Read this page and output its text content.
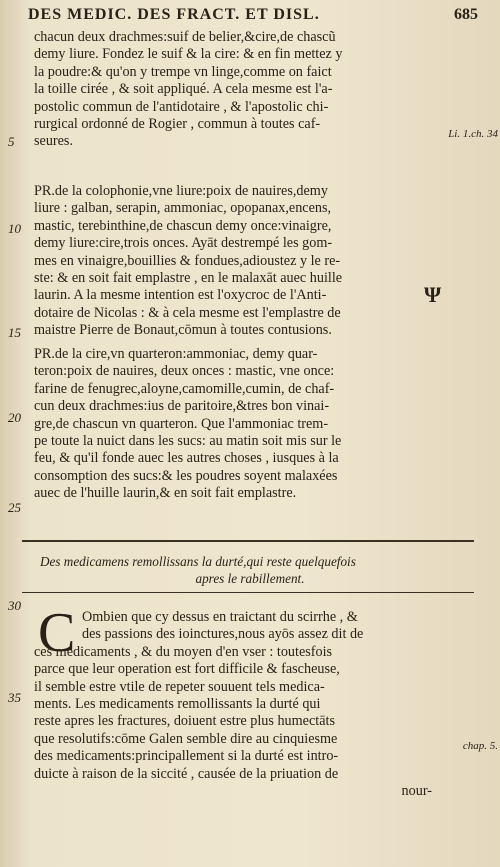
DES MEDIC. DES FRACT. ET DISL.	685
5
10
15
20
25
30
35
Li. 1.ch. 34
Ψ
chap. 5.
chacun deux drachmes:suif de belier,&cire,de chascũ
demy liure. Fondez le suif & la cire: & en fin mettez y
la poudre:& qu'on y trempe vn linge,comme on faict
la toille cirée , & soit appliqué. A cela mesme est l'a-
postolic commun de l'antidotaire , & l'apostolic chi-
rurgical ordonné de Rogier , commun à toutes caf-
seures.
PR.de la colophonie,vne liure:poix de nauires,demy
liure : galban, serapin, ammoniac, opopanax,encens,
mastic, terebinthine,de chascun demy once:vinaigre,
demy liure:cire,trois onces. Ayāt destrempé les gom-
mes en vinaigre,bouillies & fondues,adioustez y le re-
ste: & en soit fait emplastre , en le malaxāt auec huille
laurin. A la mesme intention est l'oxycroc de l'Anti-
dotaire de Nicolas : & à cela mesme est l'emplastre de
maistre Pierre de Bonaut,cōmun à toutes contusions.
PR.de la cire,vn quarteron:ammoniac, demy quar-
teron:poix de nauires, deux onces : mastic, vne once:
farine de fenugrec,aloyne,camomille,cumin, de chaf-
cun deux drachmes:ius de paritoire,&tres bon vinai-
gre,de chascun vn quarteron. Que l'ammoniac trem-
pe toute la nuict dans les sucs: au matin soit mis sur le
feu, & qu'il fonde auec les autres choses , iusques à la
consomption des sucs:& les poudres soyent malaxées
auec de l'huille laurin,& en soit fait emplastre.
Des medicamens remollissans la durté,qui reste quelquefois
apres le rabillement.
C Ombien que cy dessus en traictant du scirrhe , &
des passions des ioinctures,nous ayōs assez dit de
ces medicaments , & du moyen d'en vser : toutesfois
parce que leur operation est fort difficile & fascheuse,
il semble estre vtile de repeter souuent tels medica-
ments. Les medicaments remollissants la durté qui
reste apres les fractures, doiuent estre plus humectāts
que resolutifs:cōme Galen semble dire au cinquiesme
des medicaments:principallement si la durté est intro-
duicte à raison de la siccité , causée de la priuation de
nour-
